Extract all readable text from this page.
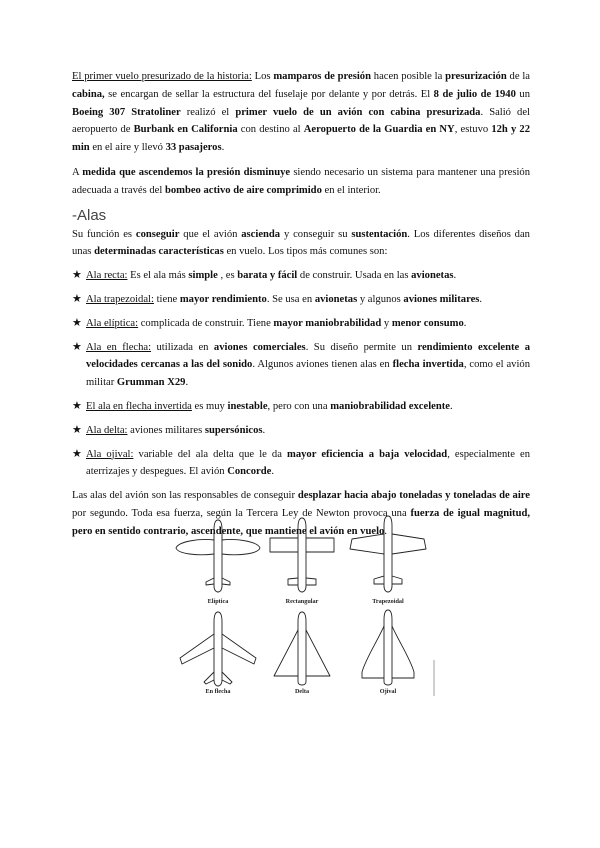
El primer vuelo presurizado de la historia: Los mamparos de presión hacen posible la presurización de la cabina, se encargan de sellar la estructura del fuselaje por delante y por detrás. El 8 de julio de 1940 un Boeing 307 Stratoliner realizó el primer vuelo de un avión con cabina presurizada. Salió del aeropuerto de Burbank en California con destino al Aeropuerto de la Guardia en NY, estuvo 12h y 22 min en el aire y llevó 33 pasajeros.

A medida que ascendemos la presión disminuye siendo necesario un sistema para mantener una presión adecuada a través del bombeo activo de aire comprimido en el interior.

-Alas

Su función es conseguir que el avión ascienda y conseguir su sustentación. Los diferentes diseños dan unas determinadas características en vuelo. Los tipos más comunes son:

★ Ala recta: Es el ala más simple , es barata y fácil de construir. Usada en las avionetas.
★ Ala trapezoidal: tiene mayor rendimiento. Se usa en avionetas y algunos aviones militares.
★ Ala elíptica: complicada de construir. Tiene mayor maniobrabilidad y menor consumo.
★ Ala en flecha: utilizada en aviones comerciales. Su diseño permite un rendimiento excelente a velocidades cercanas a las del sonido. Algunos aviones tienen alas en flecha invertida, como el avión militar Grumman X29.
★ El ala en flecha invertida es muy inestable, pero con una maniobrabilidad excelente.
★ Ala delta: aviones militares supersónicos.
★ Ala ojival: variable del ala delta que le da mayor eficiencia a baja velocidad, especialmente en aterrizajes y despegues. El avión Concorde.

Las alas del avión son las responsables de conseguir desplazar hacia abajo toneladas y toneladas de aire por segundo. Toda esa fuerza, según la Tercera Ley de Newton provoca una fuerza de igual magnitud, pero en sentido contrario, ascendente, que mantiene el avión en vuelo.

Elíptica	Rectangular	Trapezoidal
En flecha	Delta	Ojival
